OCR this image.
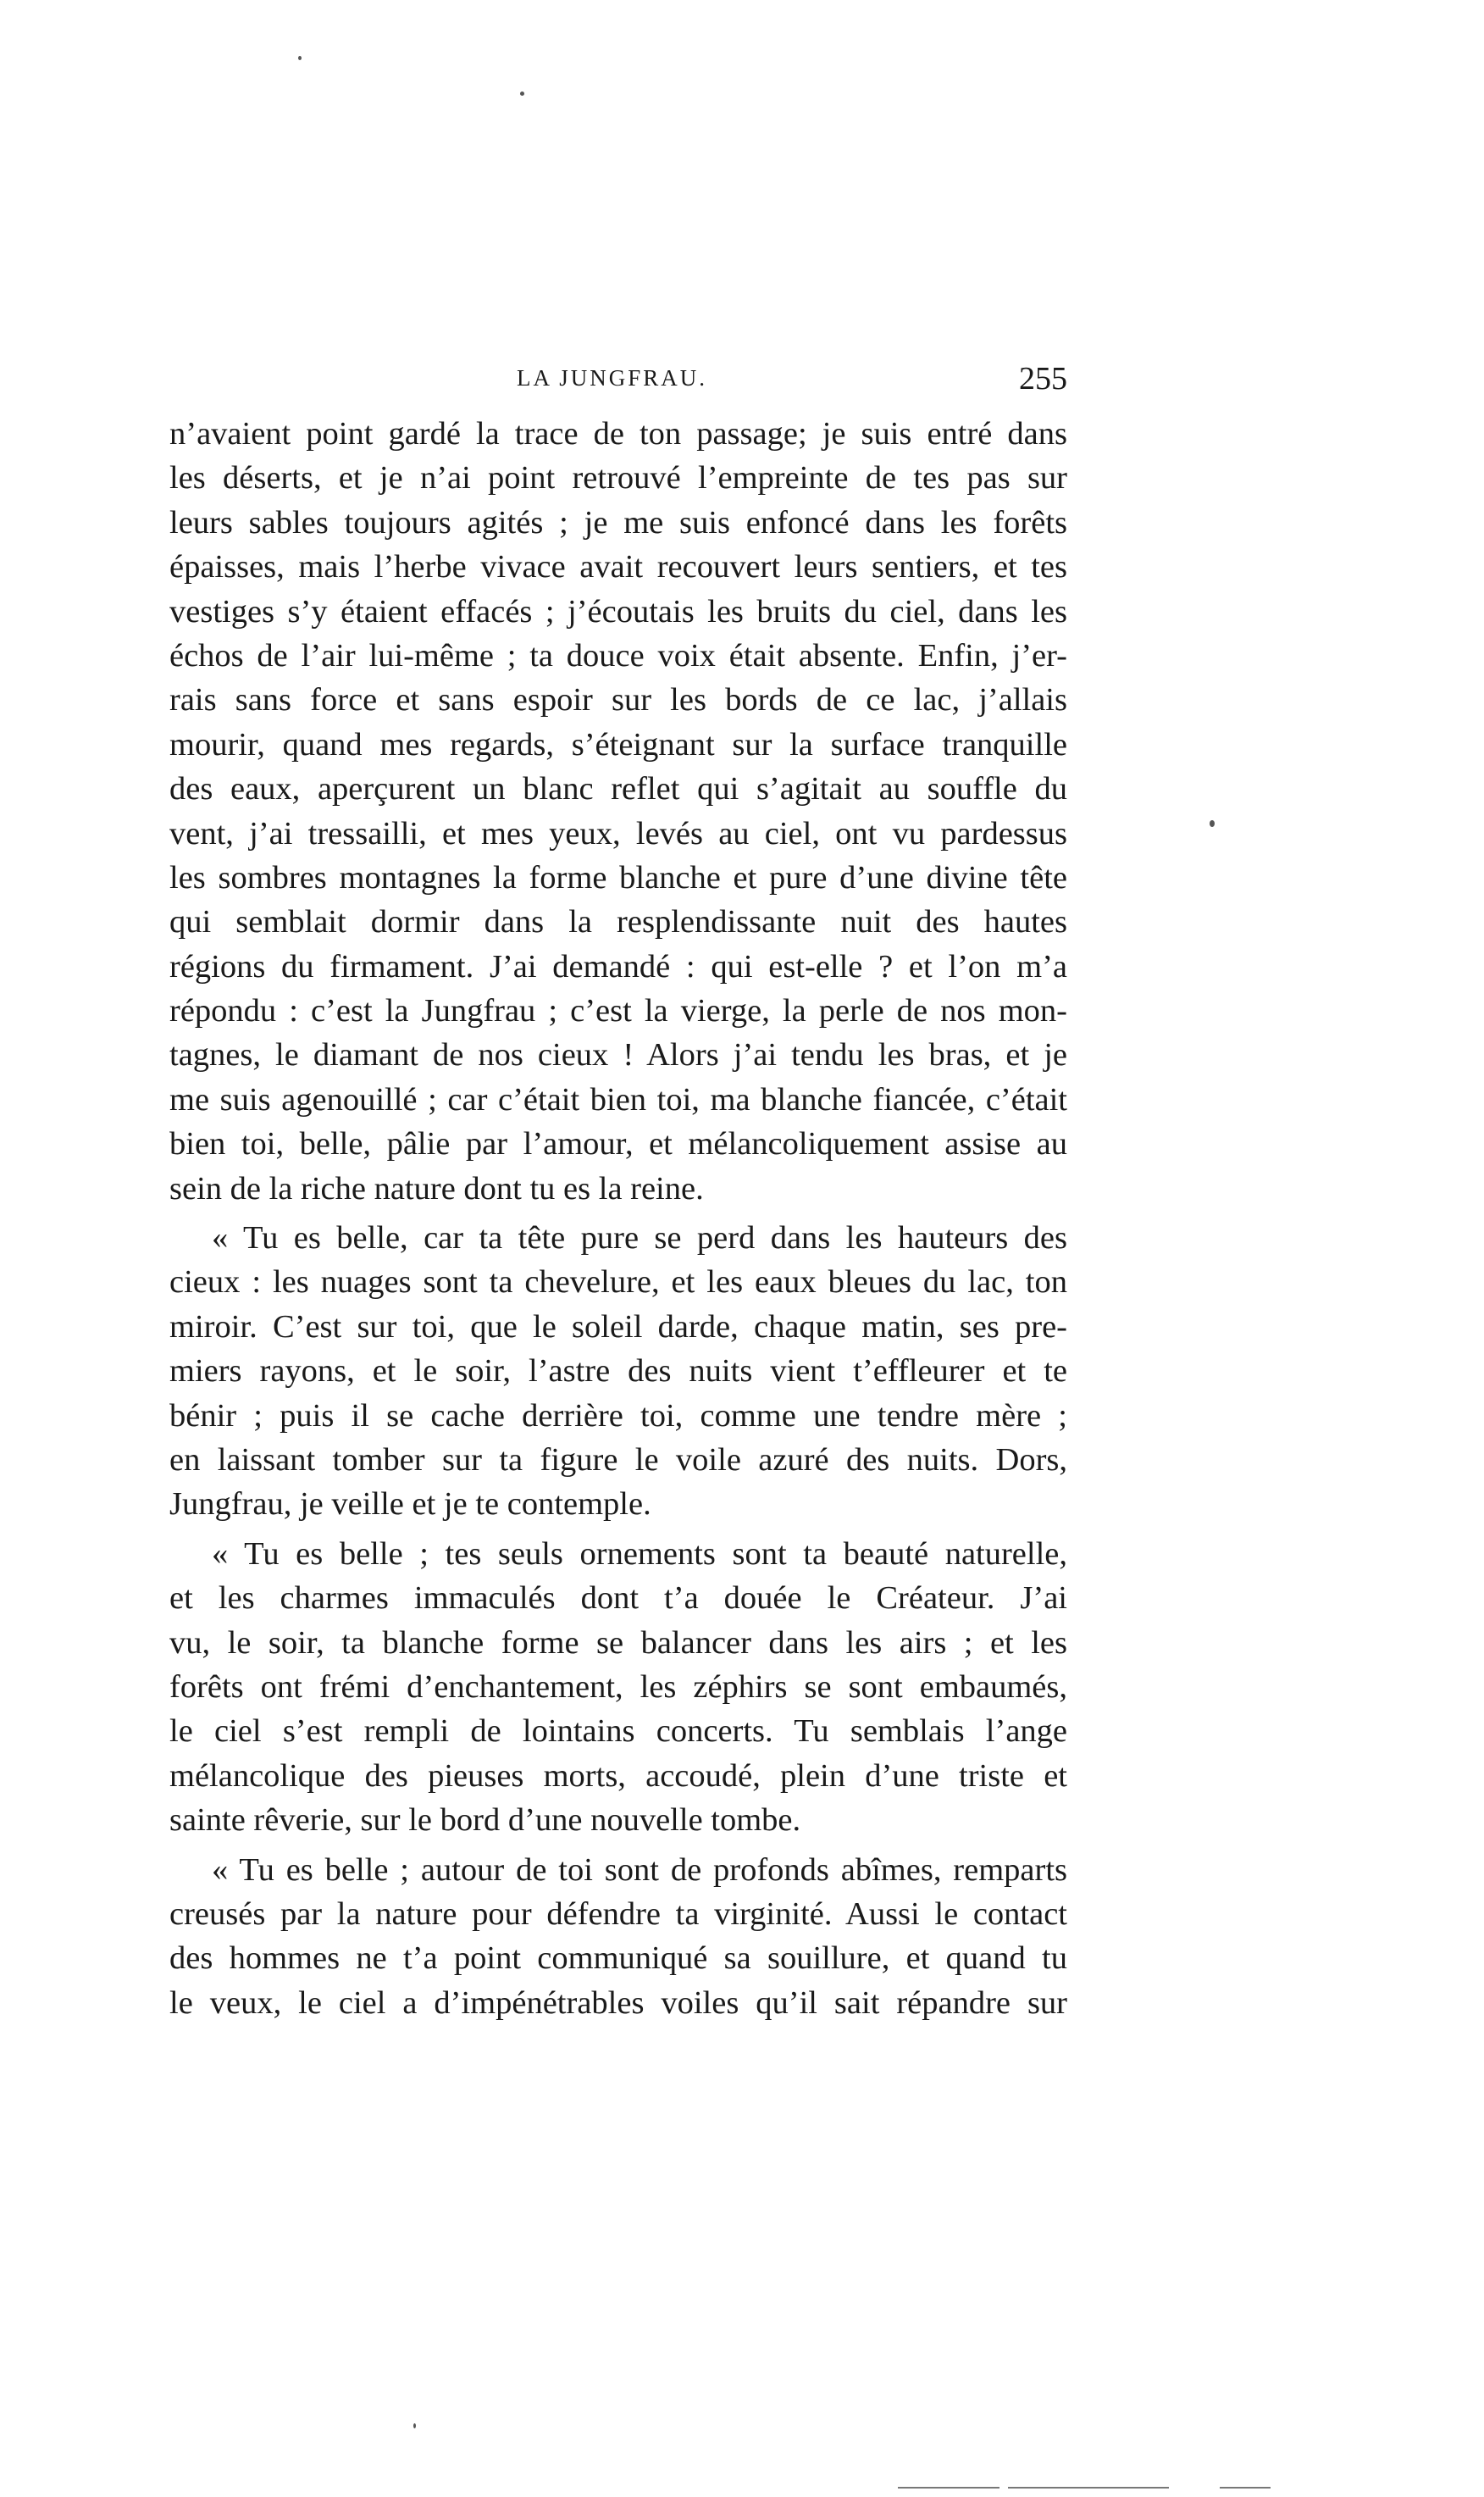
LA JUNGFRAU.	255
n’avaient point gardé la trace de ton passage; je suis entré dans
les déserts, et je n’ai point retrouvé l’empreinte de tes pas sur
leurs sables toujours agités ; je me suis enfoncé dans les forêts
épaisses, mais l’herbe vivace avait recouvert leurs sentiers, et tes
vestiges s’y étaient effacés ; j’écoutais les bruits du ciel, dans les
échos de l’air lui-même ; ta douce voix était absente. Enfin, j’er-
rais sans force et sans espoir sur les bords de ce lac, j’allais
mourir, quand mes regards, s’éteignant sur la surface tranquille
des eaux, aperçurent un blanc reflet qui s’agitait au souffle du
vent, j’ai tressailli, et mes yeux, levés au ciel, ont vu pardessus
les sombres montagnes la forme blanche et pure d’une divine tête
qui semblait dormir dans la resplendissante nuit des hautes
régions du firmament. J’ai demandé : qui est-elle ? et l’on m’a
répondu : c’est la Jungfrau ; c’est la vierge, la perle de nos mon-
tagnes, le diamant de nos cieux ! Alors j’ai tendu les bras, et je
me suis agenouillé ; car c’était bien toi, ma blanche fiancée, c’était
bien toi, belle, pâlie par l’amour, et mélancoliquement assise au
sein de la riche nature dont tu es la reine.
« Tu es belle, car ta tête pure se perd dans les hauteurs des
cieux : les nuages sont ta chevelure, et les eaux bleues du lac, ton
miroir. C’est sur toi, que le soleil darde, chaque matin, ses pre-
miers rayons, et le soir, l’astre des nuits vient t’effleurer et te
bénir ; puis il se cache derrière toi, comme une tendre mère ;
en laissant tomber sur ta figure le voile azuré des nuits. Dors,
Jungfrau, je veille et je te contemple.
« Tu es belle ; tes seuls ornements sont ta beauté naturelle,
et les charmes immaculés dont t’a douée le Créateur. J’ai
vu, le soir, ta blanche forme se balancer dans les airs ; et les
forêts ont frémi d’enchantement, les zéphirs se sont embaumés,
le ciel s’est rempli de lointains concerts. Tu semblais l’ange
mélancolique des pieuses morts, accoudé, plein d’une triste et
sainte rêverie, sur le bord d’une nouvelle tombe.
« Tu es belle ; autour de toi sont de profonds abîmes, remparts
creusés par la nature pour défendre ta virginité. Aussi le contact
des hommes ne t’a point communiqué sa souillure, et quand tu
le veux, le ciel a d’impénétrables voiles qu’il sait répandre sur
